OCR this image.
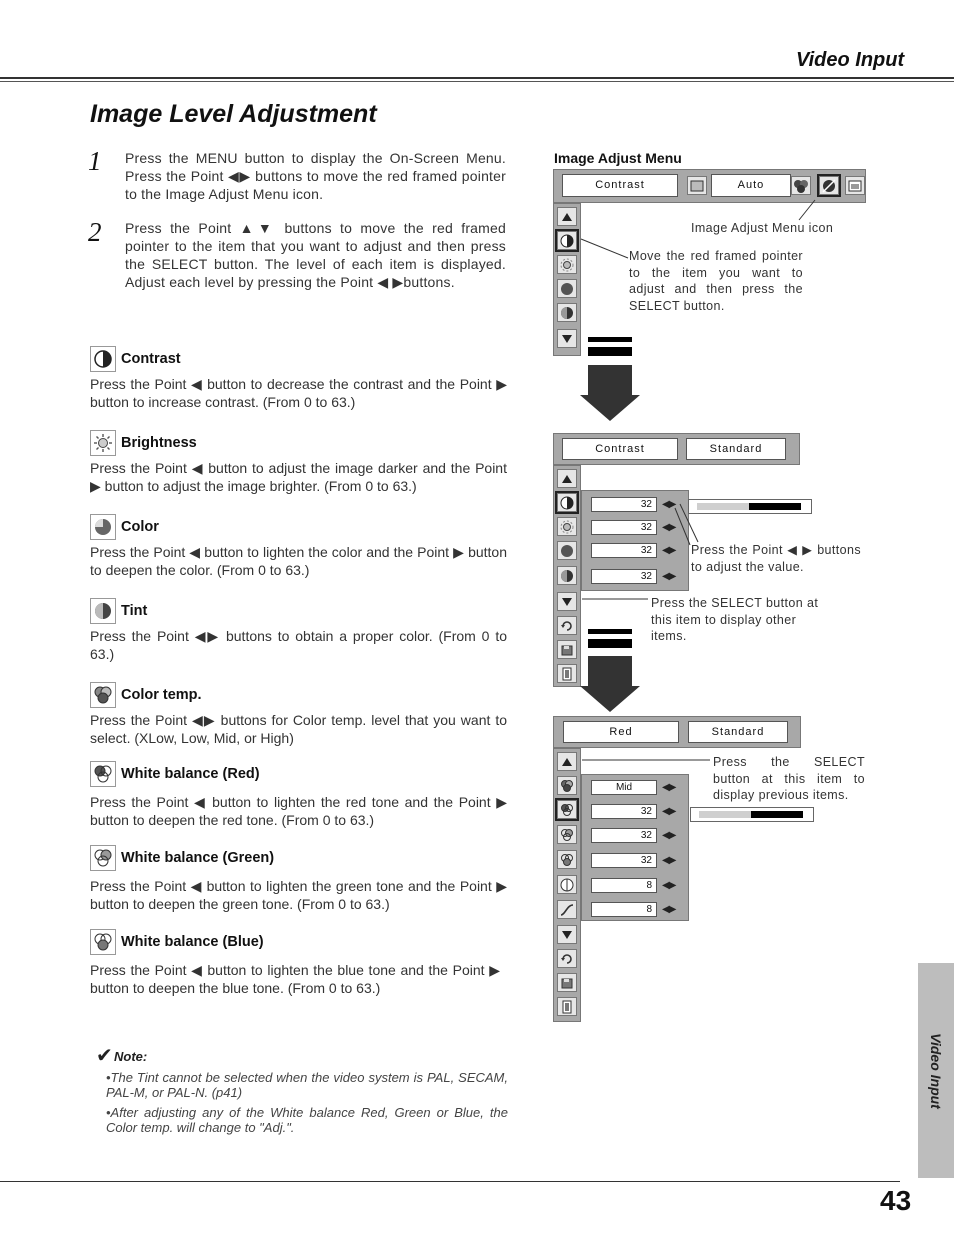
Video Input
Image Level Adjustment
1 Press the MENU button to display the On-Screen Menu. Press the Point ◀▶ buttons to move the red framed pointer to the Image Adjust Menu icon.
2 Press the Point ▲▼ buttons to move the red framed pointer to the item that you want to adjust and then press the SELECT button. The level of each item is displayed. Adjust each level by pressing the Point ◀ ▶buttons.
Contrast
Press the Point ◀ button to decrease the contrast and the Point ▶ button to increase contrast. (From 0 to 63.)
Brightness
Press the Point ◀ button to adjust the image darker and the Point ▶ button to adjust the image brighter. (From 0 to 63.)
Color
Press the Point ◀ button to lighten the color and the Point ▶ button to deepen the color. (From 0 to 63.)
Tint
Press the Point ◀▶ buttons to obtain a proper color. (From 0 to 63.)
Color temp.
Press the Point ◀▶ buttons for Color temp. level that you want to select. (XLow, Low, Mid, or High)
White balance (Red)
Press the Point ◀ button to lighten the red tone and the Point ▶ button to deepen the red tone. (From 0 to 63.)
White balance (Green)
Press the Point ◀ button to lighten the green tone and the Point ▶ button to deepen the green tone. (From 0 to 63.)
White balance (Blue)
Press the Point ◀ button to lighten the blue tone and the Point ▶ button to deepen the blue tone. (From 0 to 63.)
✔ Note:
•The Tint cannot be selected when the video system is PAL, SECAM, PAL-M, or PAL-N. (p41)
•After adjusting any of the White balance Red, Green or Blue, the Color temp. will change to "Adj.".
Image Adjust Menu
Contrast	Auto
Image Adjust Menu icon
Move the red framed pointer to the item you want to adjust and then press the SELECT button.
Contrast	Standard
32	◀▶
32	◀▶
32	◀▶
32	◀▶
Press the Point ◀ ▶ buttons to adjust the value.
Press the SELECT button at this item to display other items.
Red	Standard
Mid	◀▶
32	◀▶
32	◀▶
32	◀▶
8	◀▶
8	◀▶
Press the SELECT button at this item to display previous items.
Video Input
43
